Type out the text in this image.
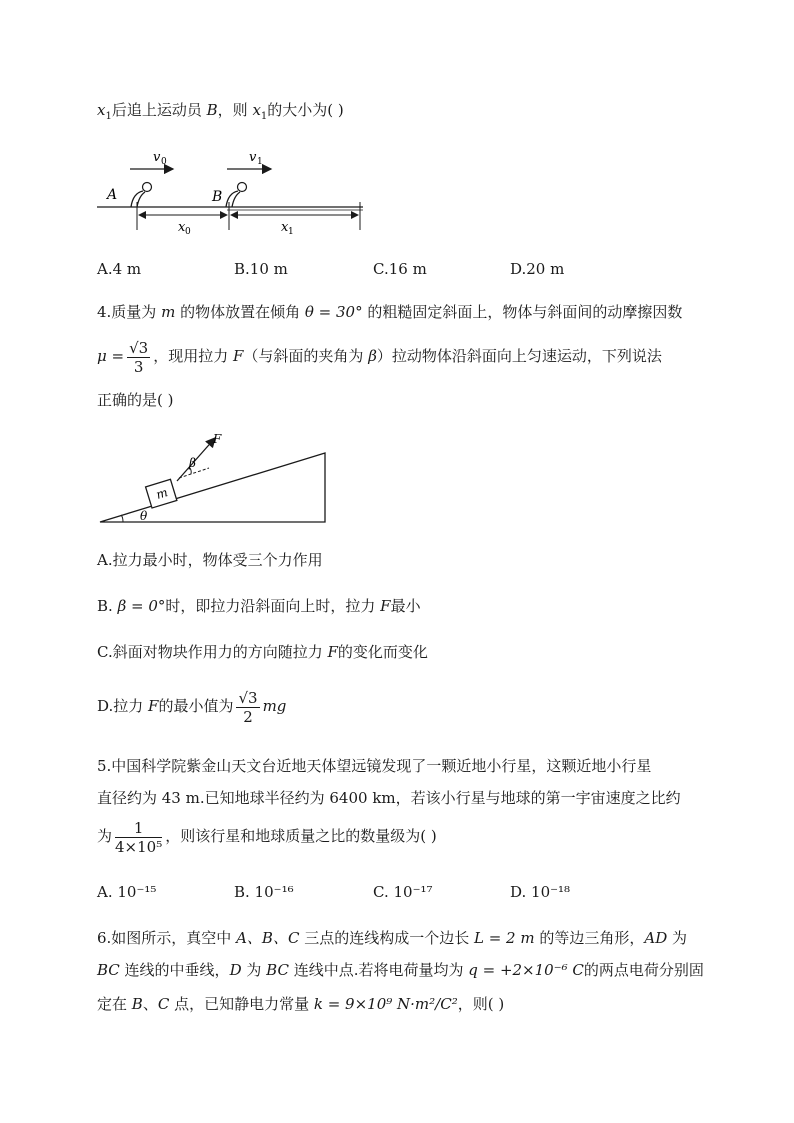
$x_1$后追上运动员 B，则 $x_1$的大小为( )
v 0	v 1
A	B
x 0	x 1
A.4 m	B.10 m	C.16 m	D.20 m
4.质量为 m 的物体放置在倾角 θ = 30° 的粗糙固定斜面上，物体与斜面间的动摩擦因数
$\mu = \frac{√3}{3}$ ，现用拉力 F（与斜面的夹角为 β）拉动物体沿斜面向上匀速运动，下列说法
正确的是( )
θ
m
F
β
A.拉力最小时，物体受三个力作用
B. β = 0°时，即拉力沿斜面向上时，拉力 F最小
C.斜面对物块作用力的方向随拉力 F的变化而变化
D.拉力 F的最小值为 $\frac{√3}{2}$ mg
5.中国科学院紫金山天文台近地天体望远镜发现了一颗近地小行星，这颗近地小行星
直径约为 43 m.已知地球半径约为 6400 km，若该小行星与地球的第一宇宙速度之比约
为 $\frac{1}{\text{4×10⁵}}$ ，则该行星和地球质量之比的数量级为( )
A. 10⁻¹⁵	B. 10⁻¹⁶	C. 10⁻¹⁷	D. 10⁻¹⁸
6.如图所示，真空中 A、B、C 三点的连线构成一个边长 L = 2 m 的等边三角形，AD 为
BC 连线的中垂线，D 为 BC 连线中点.若将电荷量均为 q = +2×10⁻⁶ C的两点电荷分别固
定在 B、C 点，已知静电力常量 k = 9×10⁹ N·m²/C²，则( )
